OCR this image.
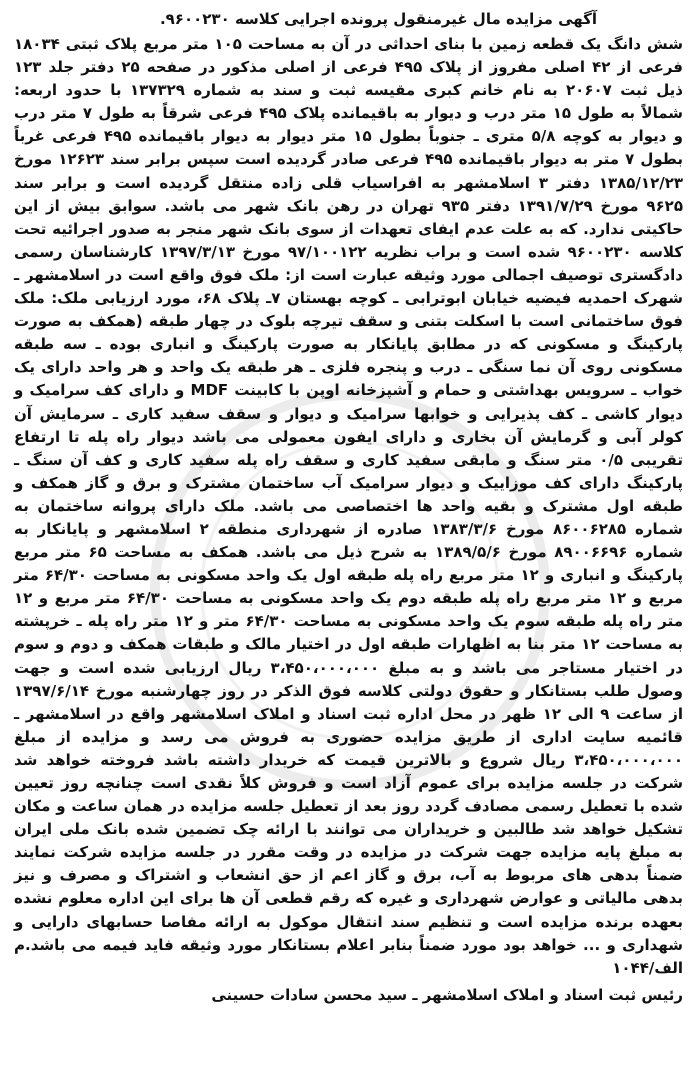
آگهی مزایده مال غیرمنقول پرونده اجرایی کلاسه ۹۶۰۰۲۳۰.

شش دانگ یک قطعه زمین با بنای احداثی در آن به مساحت ۱۰۵ متر مربع پلاک ثبتی ۱۸۰۳۴ فرعی از ۴۲ اصلی مفروز از پلاک ۴۹۵ فرعی از اصلی مذکور در صفحه ۲۵ دفتر جلد ۱۲۳ ذیل ثبت ۲۰۶۰۷ به نام خانم کبری مقیسه ثبت و سند به شماره ۱۳۷۳۲۹ با حدود اربعه: شمالاً به طول ۱۵ متر درب و دیوار به باقیمانده پلاک ۴۹۵ فرعی شرقاً به طول ۷ متر درب و دیوار به کوچه ۵/۸ متری ـ جنوباً بطول ۱۵ متر دیوار به دیوار باقیمانده ۴۹۵ فرعی غرباً بطول ۷ متر به دیوار باقیمانده ۴۹۵ فرعی صادر گردیده است سپس برابر سند ۱۲۶۲۳ مورخ ۱۳۸۵/۱۲/۲۳ دفتر ۳ اسلامشهر به افراسیاب قلی زاده منتقل گردیده است و برابر سند ۹۶۲۵ مورخ ۱۳۹۱/۷/۲۹ دفتر ۹۳۵ تهران در رهن بانک شهر می باشد. سوابق بیش از این حاکیتی ندارد. که به علت عدم ایفای تعهدات از سوی بانک شهر منجر به صدور اجرائیه تحت کلاسه ۹۶۰۰۲۳۰ شده است و براب نظریه ۹۷/۱۰۰۱۲۲ مورخ ۱۳۹۷/۳/۱۳ کارشناسان رسمی دادگستری توصیف اجمالی مورد وثیقه عبارت است از: ملک فوق واقع است در اسلامشهر ـ شهرک احمدیه فیضیه خیابان ابوترابی ـ کوچه بهستان ۷ـ پلاک ۶۸، مورد ارزیابی ملک: ملک فوق ساختمانی است با اسکلت بتنی و سقف تیرچه بلوک در چهار طبقه (همکف به صورت پارکینگ و مسکونی که در مطابق پایانکار به صورت پارکینگ و انباری بوده ـ سه طبقه مسکونی روی آن نما سنگی ـ درب و پنجره فلزی ـ هر طبقه یک واحد و هر واحد دارای یک خواب ـ سرویس بهداشتی و حمام و آشپزخانه اوپن با کابینت MDF و دارای کف سرامیک و دیوار کاشی ـ کف پذیرایی و خوابها سرامیک و دیوار و سقف سفید کاری ـ سرمایش آن کولر آبی و گرمایش آن بخاری و دارای ایفون معمولی می باشد دیوار راه پله تا ارتفاع تقریبی ۰/۵ متر سنگ و مابقی سفید کاری و سقف راه پله سفید کاری و کف آن سنگ ـ پارکینگ دارای کف موزاییک و دیوار سرامیک آب ساختمان مشترک و برق و گاز همکف و طبقه اول مشترک و بقیه واحد ها اختصاصی می باشد. ملک دارای پروانه ساختمان به شماره ۸۶۰۰۶۲۸۵ مورخ ۱۳۸۳/۳/۶ صادره از شهرداری منطقه ۲ اسلامشهر و پایانکار به شماره ۸۹۰۰۶۶۹۶ مورخ ۱۳۸۹/۵/۶ به شرح ذیل می باشد. همکف به مساحت ۶۵ متر مربع پارکینگ و انباری و ۱۲ متر مربع راه پله طبقه اول یک واحد مسکونی به مساحت ۶۴/۳۰ متر مربع و ۱۲ متر مربع راه پله طبقه دوم یک واحد مسکونی به مساحت ۶۴/۳۰ متر مربع و ۱۲ متر راه پله طبقه سوم یک واحد مسکونی به مساحت ۶۴/۳۰ متر و ۱۲ متر راه پله ـ خرپشته به مساحت ۱۲ متر بنا به اظهارات طبقه اول در اختیار مالک و طبقات همکف و دوم و سوم در اختیار مستاجر می باشد و به مبلغ ۳،۴۵۰،۰۰۰،۰۰۰ ریال ارزیابی شده است و جهت وصول طلب بستانکار و حقوق دولتی کلاسه فوق الذکر در روز چهارشنبه مورخ ۱۳۹۷/۶/۱۴ از ساعت ۹ الی ۱۲ ظهر در محل اداره ثبت اسناد و املاک اسلامشهر واقع در اسلامشهر ـ قائمیه سایت اداری از طریق مزایده حضوری به فروش می رسد و مزایده از مبلغ ۳،۴۵۰،۰۰۰،۰۰۰ ریال شروع و بالاترین قیمت که خریدار داشته باشد فروخته خواهد شد شرکت در جلسه مزایده برای عموم آزاد است و فروش کلاً نقدی است چنانچه روز تعیین شده با تعطیل رسمی مصادف گردد روز بعد از تعطیل جلسه مزایده در همان ساعت و مکان تشکیل خواهد شد طالبین و خریداران می توانند با ارائه چک تضمین شده بانک ملی ایران به مبلغ پایه مزایده جهت شرکت در مزایده در وقت مقرر در جلسه مزایده شرکت نمایند ضمناً بدهی های مربوط به آب، برق و گاز اعم از حق انشعاب و اشتراک و مصرف و نیز بدهی مالیاتی و عوارض شهرداری و غیره که رقم قطعی آن ها برای این اداره معلوم نشده بعهده برنده مزایده است و تنظیم سند انتقال موکول به ارائه مفاصا حسابهای دارایی و شهداری و ... خواهد بود مورد ضمناً بنابر اعلام بستانکار مورد وثیقه فاید فیمه می باشد.م الف/۱۰۴۴

رئیس ثبت اسناد و املاک اسلامشهر ـ سید محسن سادات حسینی
